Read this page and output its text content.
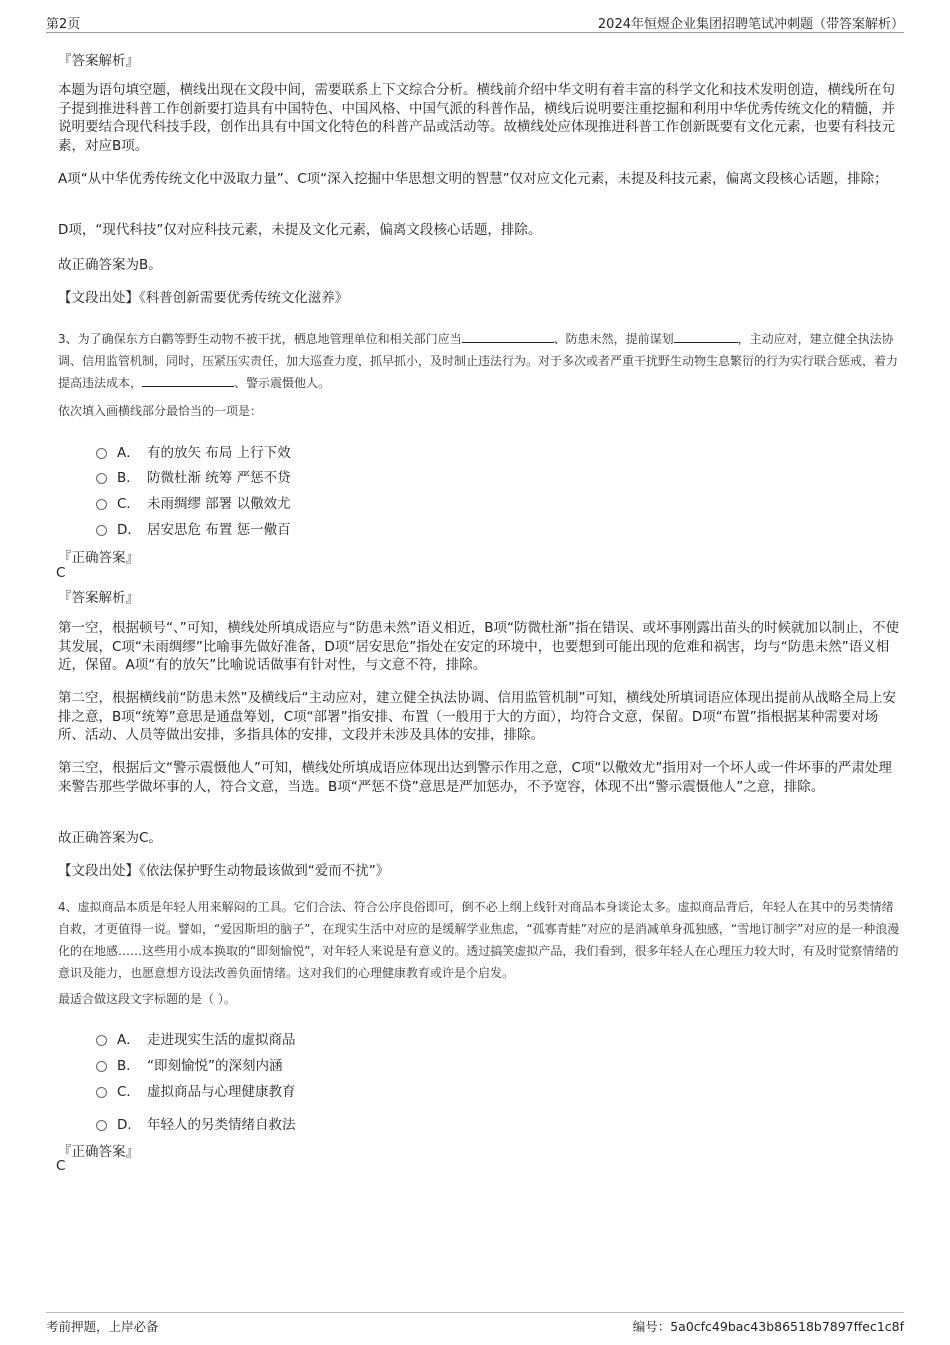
第2页	2024年恒煜企业集团招聘笔试冲刺题（带答案解析）
『答案解析』

本题为语句填空题，横线出现在文段中间，需要联系上下文综合分析。横线前介绍中华文明有着丰富的科学文化和技术发明创造，横线所在句子提到推进科普工作创新要打造具有中国特色、中国风格、中国气派的科普作品，横线后说明要注重挖掘和利用中华优秀传统文化的精髓，并说明要结合现代科技手段，创作出具有中国文化特色的科普产品或活动等。故横线处应体现推进科普工作创新既要有文化元素，也要有科技元素，对应B项。

A项“从中华优秀传统文化中汲取力量”、C项“深入挖掘中华思想文明的智慧”仅对应文化元素，未提及科技元素，偏离文段核心话题，排除；

D项，“现代科技”仅对应科技元素，未提及文化元素，偏离文段核心话题，排除。

故正确答案为B。

【文段出处】《科普创新需要优秀传统文化滋养》

3、为了确保东方白鹳等野生动物不被干扰，栖息地管理单位和相关部门应当	、防患未然，提前谋划	，主动应对，建立健全执法协调、信用监管机制，同时，压紧压实责任，加大巡查力度，抓早抓小，及时制止违法行为。对于多次或者严重干扰野生动物生息繁衍的行为实行联合惩戒，着力提高违法成本，	、警示震慑他人。

依次填入画横线部分最恰当的一项是：

A． 有的放矢 布局 上行下效
B． 防微杜渐 统筹 严惩不贷
C． 未雨绸缪 部署 以儆效尤
D． 居安思危 布置 惩一儆百
『正确答案』
C
『答案解析』

第一空，根据顿号“、”可知，横线处所填成语应与“防患未然”语义相近，B项“防微杜渐”指在错误、或坏事刚露出苗头的时候就加以制止，不使其发展，C项“未雨绸缪”比喻事先做好准备，D项“居安思危”指处在安定的环境中，也要想到可能出现的危难和祸害，均与“防患未然”语义相近，保留。A项“有的放矢”比喻说话做事有针对性，与文意不符，排除。

第二空，根据横线前“防患未然”及横线后“主动应对，建立健全执法协调、信用监管机制”可知，横线处所填词语应体现出提前从战略全局上安排之意，B项“统筹”意思是通盘筹划，C项“部署”指安排、布置（一般用于大的方面），均符合文意，保留。D项“布置”指根据某种需要对场所、活动、人员等做出安排，多指具体的安排，文段并未涉及具体的安排，排除。

第三空，根据后文“警示震慑他人”可知，横线处所填成语应体现出达到警示作用之意，C项“以儆效尤”指用对一个坏人或一件坏事的严肃处理来警告那些学做坏事的人，符合文意，当选。B项“严惩不贷”意思是严加惩办，不予宽容，体现不出“警示震慑他人”之意，排除。

故正确答案为C。

【文段出处】《依法保护野生动物最该做到“爱而不扰”》

4、虚拟商品本质是年轻人用来解闷的工具。它们合法、符合公序良俗即可，倒不必上纲上线针对商品本身谈论太多。虚拟商品背后，年轻人在其中的另类情绪自救，才更值得一说。譬如，“爱因斯坦的脑子”，在现实生活中对应的是缓解学业焦虑，“孤寡青蛙”对应的是消减单身孤独感，“雪地订制字”对应的是一种浪漫化的在地感……这些用小成本换取的“即刻愉悦”，对年轻人来说是有意义的。透过搞笑虚拟产品，我们看到，很多年轻人在心理压力较大时，有及时觉察情绪的意识及能力，也愿意想方设法改善负面情绪。这对我们的心理健康教育或许是个启发。

最适合做这段文字标题的是（ ）。

A． 走进现实生活的虚拟商品
B． “即刻愉悦”的深刻内涵
C． 虚拟商品与心理健康教育
D． 年轻人的另类情绪自救法
『正确答案』
C
考前押题，上岸必备	编号：5a0cfc49bac43b86518b7897ffec1c8f
